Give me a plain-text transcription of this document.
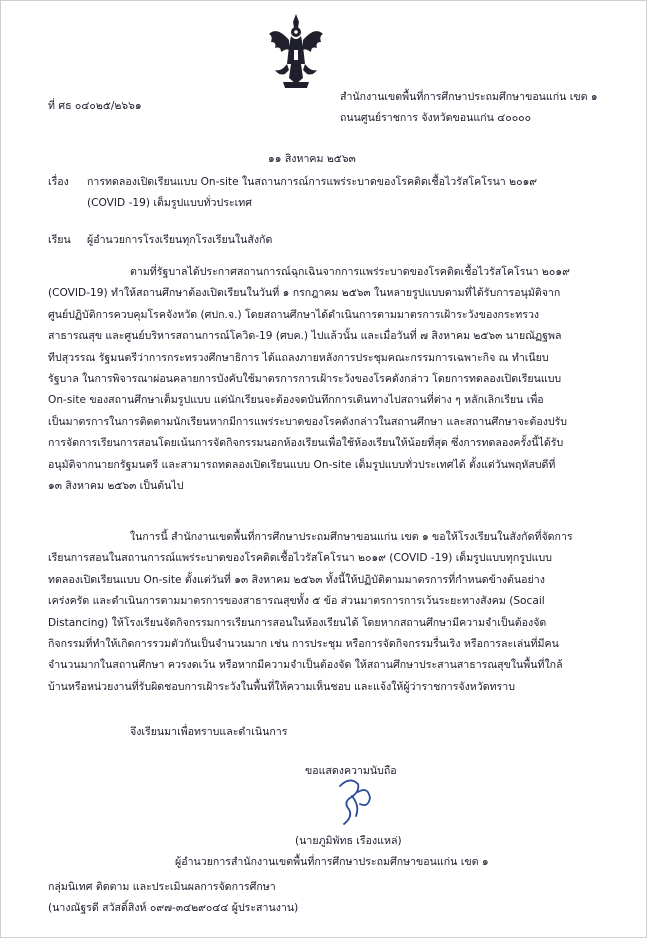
ที่ ศธ ๐๔๐๒๕/๒๖๖๑
สำนักงานเขตพื้นที่การศึกษาประถมศึกษาขอนแก่น เขต ๑
ถนนศูนย์ราชการ จังหวัดขอนแก่น ๔๐๐๐๐
๑๑ สิงหาคม ๒๕๖๓
เรื่อง การทดลองเปิดเรียนแบบ On-site ในสถานการณ์การแพร่ระบาดของโรคติดเชื้อไวรัสโคโรนา ๒๐๑๙
(COVID -19) เต็มรูปแบบทั่วประเทศ
เรียน ผู้อำนวยการโรงเรียนทุกโรงเรียนในสังกัด
ตามที่รัฐบาลได้ประกาศสถานการณ์ฉุกเฉินจากการแพร่ระบาดของโรคติดเชื้อไวรัสโคโรนา ๒๐๑๙
(COVID-19) ทำให้สถานศึกษาต้องเปิดเรียนในวันที่ ๑ กรกฎาคม ๒๕๖๓ ในหลายรูปแบบตามที่ได้รับการอนุมัติจาก
ศูนย์ปฏิบัติการควบคุมโรคจังหวัด (ศปก.จ.) โดยสถานศึกษาได้ดำเนินการตามมาตรการเฝ้าระวังของกระทรวง
สาธารณสุข และศูนย์บริหารสถานการณ์โควิด-19 (ศบค.) ไปแล้วนั้น และเมื่อวันที่ ๗ สิงหาคม ๒๕๖๓ นายณัฏฐพล
ทีปสุวรรณ รัฐมนตรีว่าการกระทรวงศึกษาธิการ ได้แถลงภายหลังการประชุมคณะกรรมการเฉพาะกิจ ณ ทำเนียบ
รัฐบาล ในการพิจารณาผ่อนคลายการบังคับใช้มาตรการการเฝ้าระวังของโรคดังกล่าว โดยการทดลองเปิดเรียนแบบ
On-site ของสถานศึกษาเต็มรูปแบบ แต่นักเรียนจะต้องจดบันทึกการเดินทางไปสถานที่ต่าง ๆ หลักเลิกเรียน เพื่อ
เป็นมาตรการในการติดตามนักเรียนหากมีการแพร่ระบาดของโรคดังกล่าวในสถานศึกษา และสถานศึกษาจะต้องปรับ
การจัดการเรียนการสอนโดยเน้นการจัดกิจกรรมนอกห้องเรียนเพื่อใช้ห้องเรียนให้น้อยที่สุด ซึ่งการทดลองครั้งนี้ได้รับ
อนุมัติจากนายกรัฐมนตรี และสามารถทดลองเปิดเรียนแบบ On-site เต็มรูปแบบทั่วประเทศได้ ตั้งแต่วันพฤหัสบดีที่
๑๓ สิงหาคม ๒๕๖๓ เป็นต้นไป
ในการนี้ สำนักงานเขตพื้นที่การศึกษาประถมศึกษาขอนแก่น เขต ๑ ขอให้โรงเรียนในสังกัดที่จัดการ
เรียนการสอนในสถานการณ์แพร่ระบาดของโรคติดเชื้อไวรัสโคโรนา ๒๐๑๙ (COVID -19) เต็มรูปแบบทุกรูปแบบ
ทดลองเปิดเรียนแบบ On-site ตั้งแต่วันที่ ๑๓ สิงหาคม ๒๕๖๓ ทั้งนี้ให้ปฏิบัติตามมาตรการที่กำหนดข้างต้นอย่าง
เคร่งครัด และดำเนินการตามมาตรการของสาธารณสุขทั้ง ๕ ข้อ ส่วนมาตรการการเว้นระยะทางสังคม (Socail
Distancing) ให้โรงเรียนจัดกิจกรรมการเรียนการสอนในห้องเรียนได้ โดยหากสถานศึกษามีความจำเป็นต้องจัด
กิจกรรมที่ทำให้เกิดการรวมตัวกันเป็นจำนวนมาก เช่น การประชุม หรือการจัดกิจกรรมรื่นเริง หรือการละเล่นที่มีคน
จำนวนมากในสถานศึกษา ควรงดเว้น หรือหากมีความจำเป็นต้องจัด ให้สถานศึกษาประสานสาธารณสุขในพื้นที่ใกล้
บ้านหรือหน่วยงานที่รับผิดชอบการเฝ้าระวังในพื้นที่ให้ความเห็นชอบ และแจ้งให้ผู้ว่าราชการจังหวัดทราบ
จึงเรียนมาเพื่อทราบและดำเนินการ
ขอแสดงความนับถือ
(นายภูมิพัทธ เรืองแหล่)
ผู้อำนวยการสำนักงานเขตพื้นที่การศึกษาประถมศึกษาขอนแก่น เขต ๑
กลุ่มนิเทศ ติดตาม และประเมินผลการจัดการศึกษา
(นางณัฐรดี สวัสดิ์สิงห์ ๐๙๗-๓๔๒๙๐๔๔ ผู้ประสานงาน)
